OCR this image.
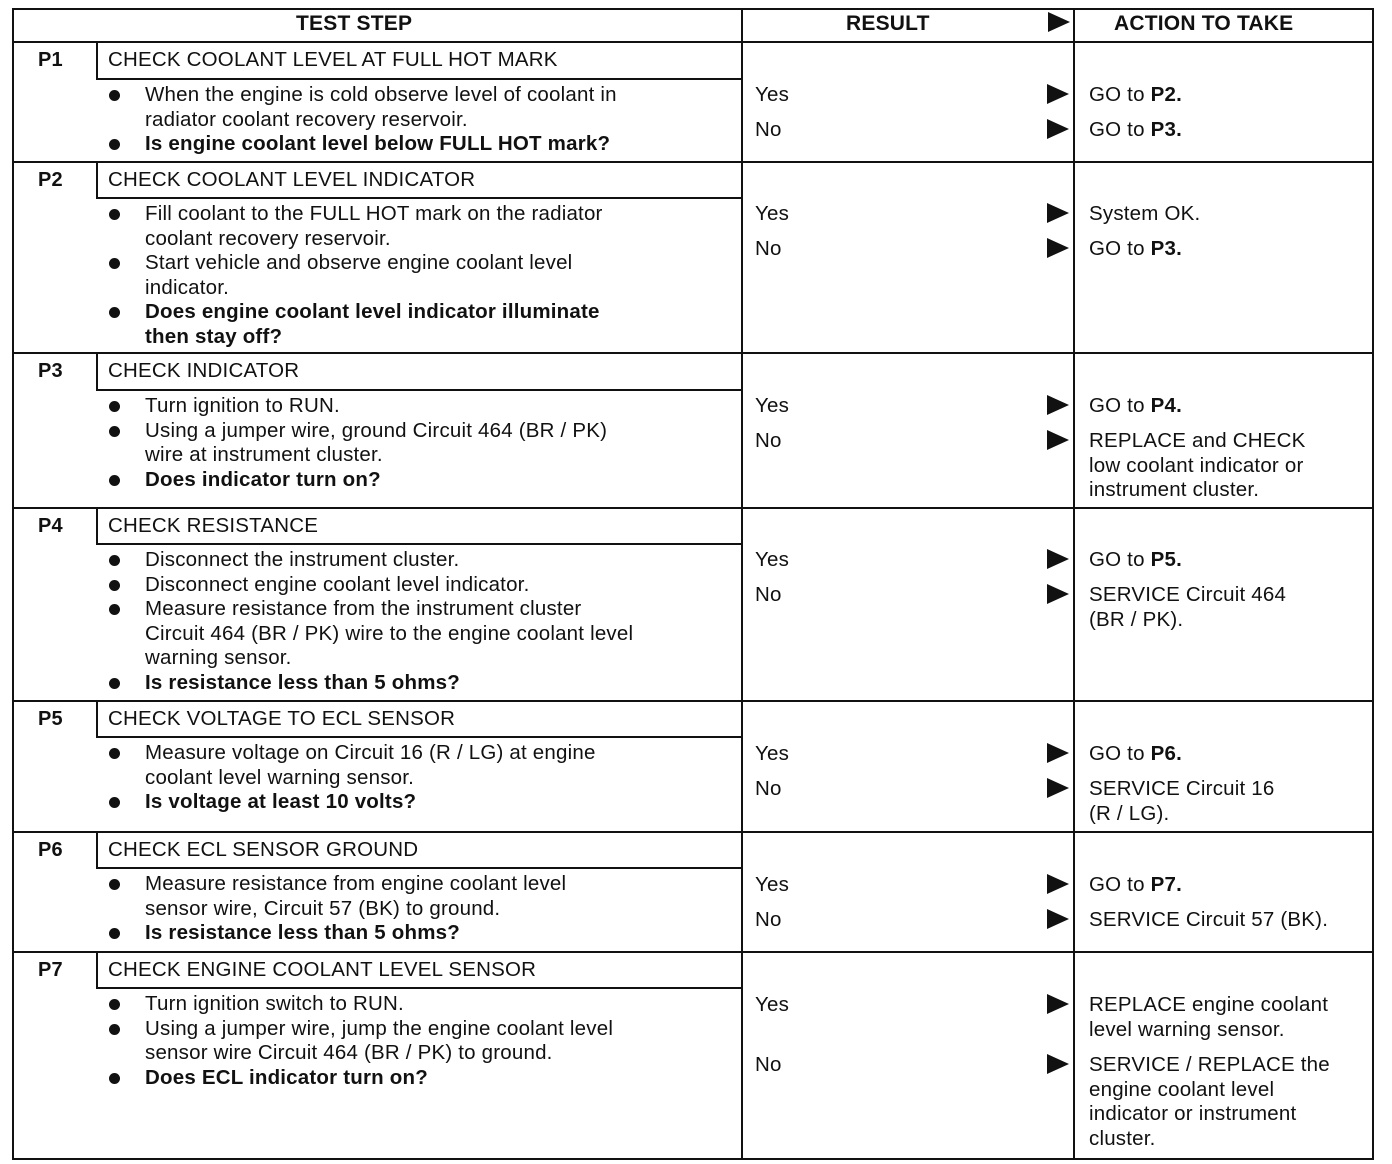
TEST STEP	RESULT	ACTION TO TAKE
P1 CHECK COOLANT LEVEL AT FULL HOT MARK
When the engine is cold observe level of coolant in
radiator coolant recovery reservoir.
Is engine coolant level below FULL HOT mark?
Yes	GO to P2.
No	GO to P3.
P2 CHECK COOLANT LEVEL INDICATOR
Fill coolant to the FULL HOT mark on the radiator
coolant recovery reservoir.
Start vehicle and observe engine coolant level
indicator.
Does engine coolant level indicator illuminate
then stay off?
Yes	System OK.
No	GO to P3.
P3 CHECK INDICATOR
Turn ignition to RUN.
Using a jumper wire, ground Circuit 464 (BR / PK)
wire at instrument cluster.
Does indicator turn on?
Yes	GO to P4.
No	REPLACE and CHECK
low coolant indicator or
instrument cluster.
P4 CHECK RESISTANCE
Disconnect the instrument cluster.
Disconnect engine coolant level indicator.
Measure resistance from the instrument cluster
Circuit 464 (BR / PK) wire to the engine coolant level
warning sensor.
Is resistance less than 5 ohms?
Yes	GO to P5.
No	SERVICE Circuit 464
(BR / PK).
P5 CHECK VOLTAGE TO ECL SENSOR
Measure voltage on Circuit 16 (R / LG) at engine
coolant level warning sensor.
Is voltage at least 10 volts?
Yes	GO to P6.
No	SERVICE Circuit 16
(R / LG).
P6 CHECK ECL SENSOR GROUND
Measure resistance from engine coolant level
sensor wire, Circuit 57 (BK) to ground.
Is resistance less than 5 ohms?
Yes	GO to P7.
No	SERVICE Circuit 57 (BK).
P7 CHECK ENGINE COOLANT LEVEL SENSOR
Turn ignition switch to RUN.
Using a jumper wire, jump the engine coolant level
sensor wire Circuit 464 (BR / PK) to ground.
Does ECL indicator turn on?
Yes	REPLACE engine coolant
level warning sensor.
No	SERVICE / REPLACE the
engine coolant level
indicator or instrument
cluster.
